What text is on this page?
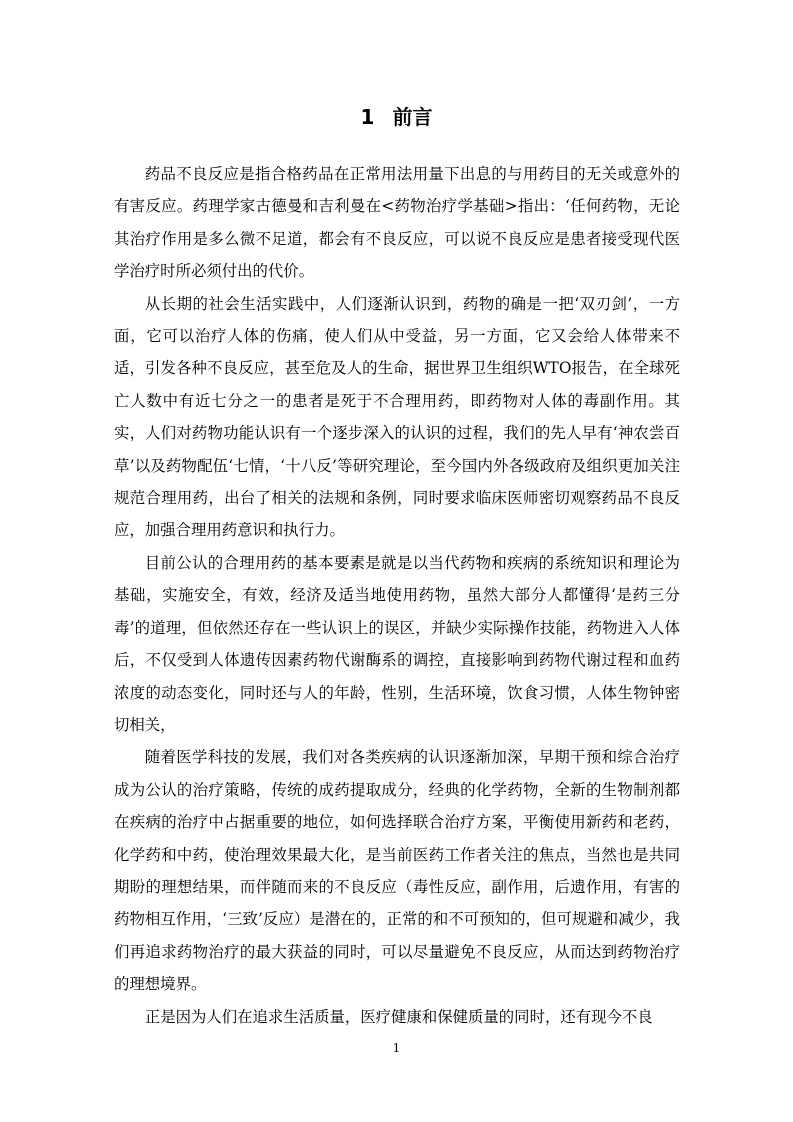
1 前言

药品不良反应是指合格药品在正常用法用量下出息的与用药目的无关或意外的有害反应。药理学家古德曼和吉利曼在<药物治疗学基础>指出：‘任何药物，无论其治疗作用是多么微不足道，都会有不良反应，可以说不良反应是患者接受现代医学治疗时所必须付出的代价。

从长期的社会生活实践中，人们逐渐认识到，药物的确是一把‘双刃剑’，一方面，它可以治疗人体的伤痛，使人们从中受益，另一方面，它又会给人体带来不适，引发各种不良反应，甚至危及人的生命，据世界卫生组织WTO报告，在全球死亡人数中有近七分之一的患者是死于不合理用药，即药物对人体的毒副作用。其实，人们对药物功能认识有一个逐步深入的认识的过程，我们的先人早有‘神农尝百草’以及药物配伍‘七情，‘十八反’等研究理论，至今国内外各级政府及组织更加关注规范合理用药，出台了相关的法规和条例，同时要求临床医师密切观察药品不良反应，加强合理用药意识和执行力。

目前公认的合理用药的基本要素是就是以当代药物和疾病的系统知识和理论为基础，实施安全，有效，经济及适当地使用药物，虽然大部分人都懂得‘是药三分毒’的道理，但依然还存在一些认识上的误区，并缺少实际操作技能，药物进入人体后，不仅受到人体遗传因素药物代谢酶系的调控，直接影响到药物代谢过程和血药浓度的动态变化，同时还与人的年龄，性别，生活环境，饮食习惯，人体生物钟密切相关，

随着医学科技的发展，我们对各类疾病的认识逐渐加深，早期干预和综合治疗成为公认的治疗策略，传统的成药提取成分，经典的化学药物，全新的生物制剂都在疾病的治疗中占据重要的地位，如何选择联合治疗方案，平衡使用新药和老药，化学药和中药，使治理效果最大化，是当前医药工作者关注的焦点，当然也是共同期盼的理想结果，而伴随而来的不良反应（毒性反应，副作用，后遗作用，有害的药物相互作用，‘三致’反应）是潜在的，正常的和不可预知的，但可规避和减少，我们再追求药物治疗的最大获益的同时，可以尽量避免不良反应，从而达到药物治疗的理想境界。

正是因为人们在追求生活质量，医疗健康和保健质量的同时，还有现今不良

1
